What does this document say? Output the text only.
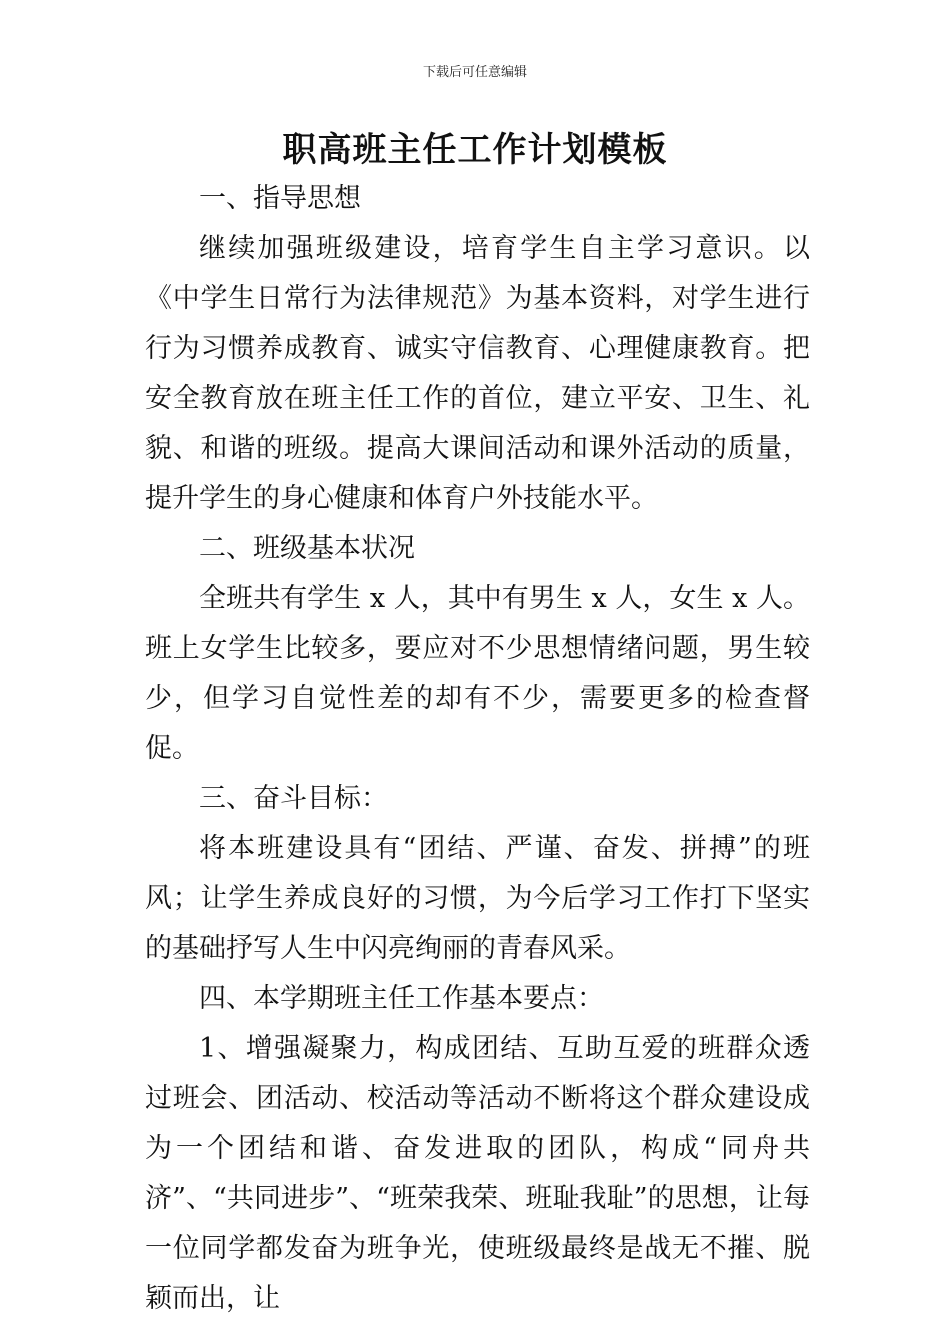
下载后可任意编辑
职高班主任工作计划模板

一、指导思想

继续加强班级建设，培育学生自主学习意识。以《中学生日常行为法律规范》为基本资料，对学生进行行为习惯养成教育、诚实守信教育、心理健康教育。把安全教育放在班主任工作的首位，建立平安、卫生、礼貌、和谐的班级。提高大课间活动和课外活动的质量，提升学生的身心健康和体育户外技能水平。

二、班级基本状况

全班共有学生 x 人，其中有男生 x 人，女生 x 人。班上女学生比较多，要应对不少思想情绪问题，男生较少，但学习自觉性差的却有不少，需要更多的检查督促。

三、奋斗目标：

将本班建设具有“团结、严谨、奋发、拼搏”的班风；让学生养成良好的习惯，为今后学习工作打下坚实的基础抒写人生中闪亮绚丽的青春风采。

四、本学期班主任工作基本要点：

1、增强凝聚力，构成团结、互助互爱的班群众透过班会、团活动、校活动等活动不断将这个群众建设成为一个团结和谐、奋发进取的团队，构成“同舟共济”、“共同进步”、“班荣我荣、班耻我耻”的思想，让每一位同学都发奋为班争光，使班级最终是战无不摧、脱颖而出，让
